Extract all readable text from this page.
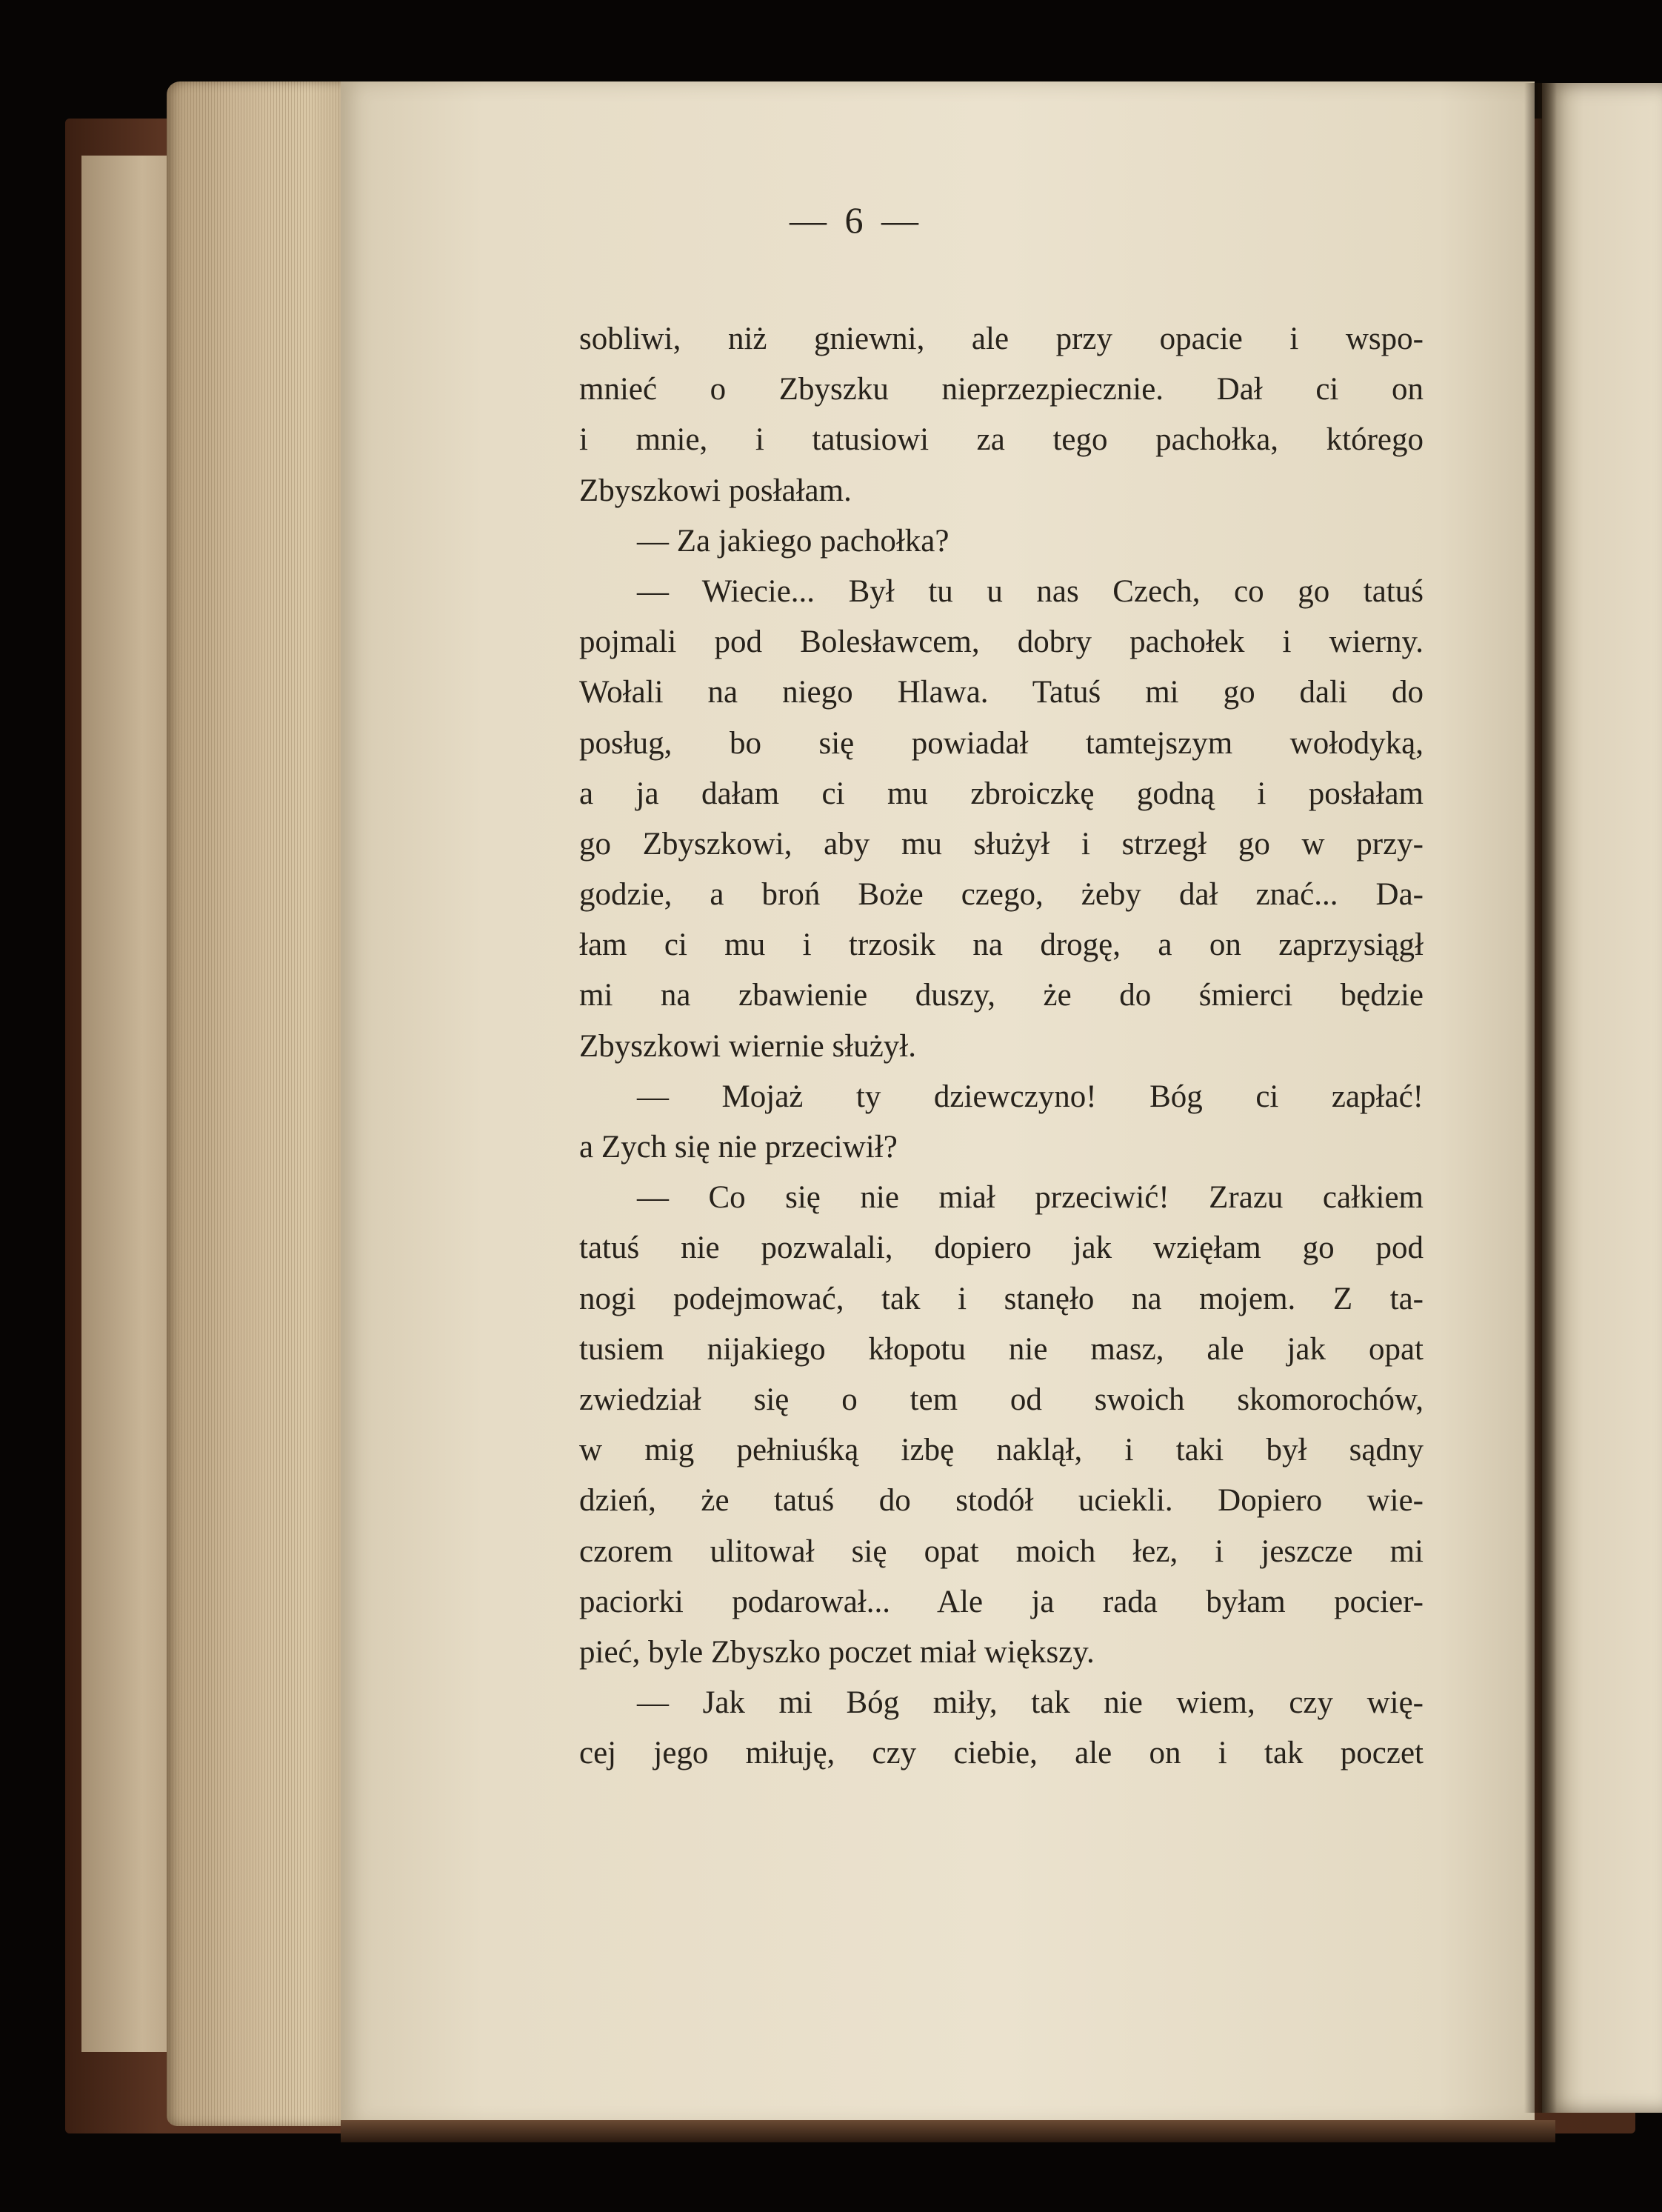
— 6 —
sobliwi, niż gniewni, ale przy opacie i wspo-
mnieć o Zbyszku nieprzezpiecznie. Dał ci on
i mnie, i tatusiowi za tego pachołka, którego
Zbyszkowi posłałam.
— Za jakiego pachołka?
— Wiecie... Był tu u nas Czech, co go tatuś
pojmali pod Bolesławcem, dobry pachołek i wierny.
Wołali na niego Hlawa. Tatuś mi go dali do
posług, bo się powiadał tamtejszym wołodyką,
a ja dałam ci mu zbroiczkę godną i posłałam
go Zbyszkowi, aby mu służył i strzegł go w przy-
godzie, a broń Boże czego, żeby dał znać... Da-
łam ci mu i trzosik na drogę, a on zaprzysiągł
mi na zbawienie duszy, że do śmierci będzie
Zbyszkowi wiernie służył.
— Mojaż ty dziewczyno! Bóg ci zapłać!
a Zych się nie przeciwił?
— Co się nie miał przeciwić! Zrazu całkiem
tatuś nie pozwalali, dopiero jak wzięłam go pod
nogi podejmować, tak i stanęło na mojem. Z ta-
tusiem nijakiego kłopotu nie masz, ale jak opat
zwiedział się o tem od swoich skomorochów,
w mig pełniuśką izbę naklął, i taki był sądny
dzień, że tatuś do stodół uciekli. Dopiero wie-
czorem ulitował się opat moich łez, i jeszcze mi
paciorki podarował... Ale ja rada byłam pocier-
pieć, byle Zbyszko poczet miał większy.
— Jak mi Bóg miły, tak nie wiem, czy wię-
cej jego miłuję, czy ciebie, ale on i tak poczet
